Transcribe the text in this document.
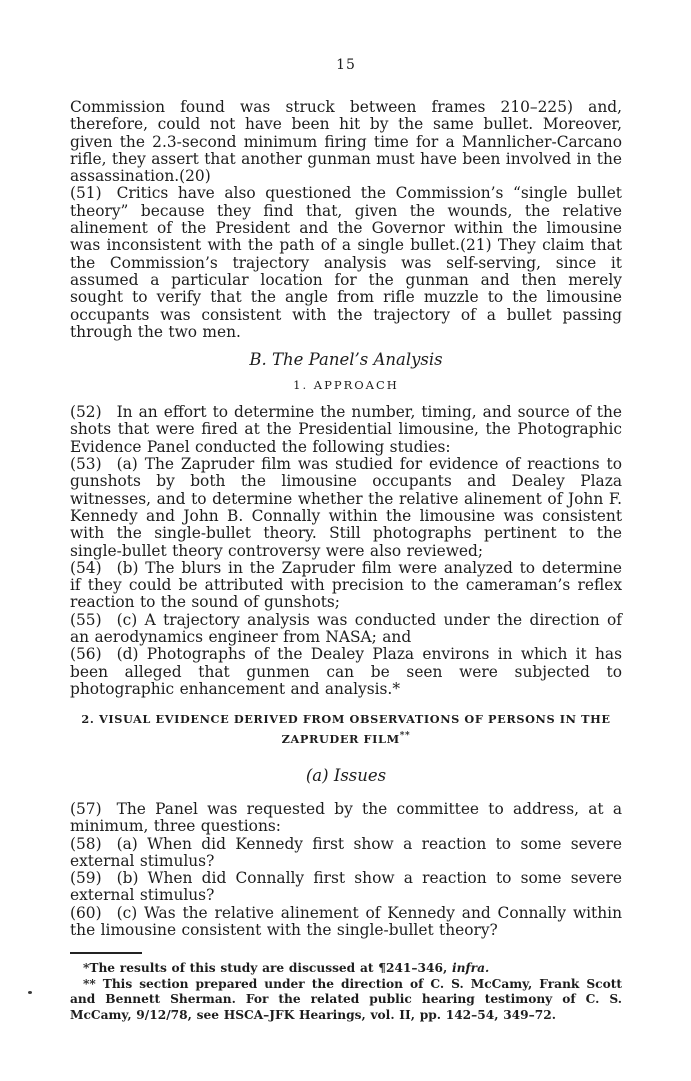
15

Commission found was struck between frames 210–225) and, therefore, could not have been hit by the same bullet. Moreover, given the 2.3-second minimum firing time for a Mannlicher-Carcano rifle, they assert that another gunman must have been involved in the assassination.(20)

(51) Critics have also questioned the Commission’s “single bullet theory” because they find that, given the wounds, the relative alinement of the President and the Governor within the limousine was inconsistent with the path of a single bullet.(21) They claim that the Commission’s trajectory analysis was self-serving, since it assumed a particular location for the gunman and then merely sought to verify that the angle from rifle muzzle to the limousine occupants was consistent with the trajectory of a bullet passing through the two men.

B. The Panel’s Analysis
1. APPROACH

(52) In an effort to determine the number, timing, and source of the shots that were fired at the Presidential limousine, the Photographic Evidence Panel conducted the following studies:

(53) (a) The Zapruder film was studied for evidence of reactions to gunshots by both the limousine occupants and Dealey Plaza witnesses, and to determine whether the relative alinement of John F. Kennedy and John B. Connally within the limousine was consistent with the single-bullet theory. Still photographs pertinent to the single-bullet theory controversy were also reviewed;

(54) (b) The blurs in the Zapruder film were analyzed to determine if they could be attributed with precision to the cameraman’s reflex reaction to the sound of gunshots;

(55) (c) A trajectory analysis was conducted under the direction of an aerodynamics engineer from NASA; and

(56) (d) Photographs of the Dealey Plaza environs in which it has been alleged that gunmen can be seen were subjected to photographic enhancement and analysis.*

2. VISUAL EVIDENCE DERIVED FROM OBSERVATIONS OF PERSONS IN THE
ZAPRUDER FILM**
(a) Issues

(57) The Panel was requested by the committee to address, at a minimum, three questions:

(58) (a) When did Kennedy first show a reaction to some severe external stimulus?

(59) (b) When did Connally first show a reaction to some severe external stimulus?

(60) (c) Was the relative alinement of Kennedy and Connally within the limousine consistent with the single-bullet theory?

*The results of this study are discussed at ¶241–346, infra.

** This section prepared under the direction of C. S. McCamy, Frank Scott and Bennett Sherman. For the related public hearing testimony of C. S. McCamy, 9/12/78, see HSCA–JFK Hearings, vol. II, pp. 142–54, 349–72.
